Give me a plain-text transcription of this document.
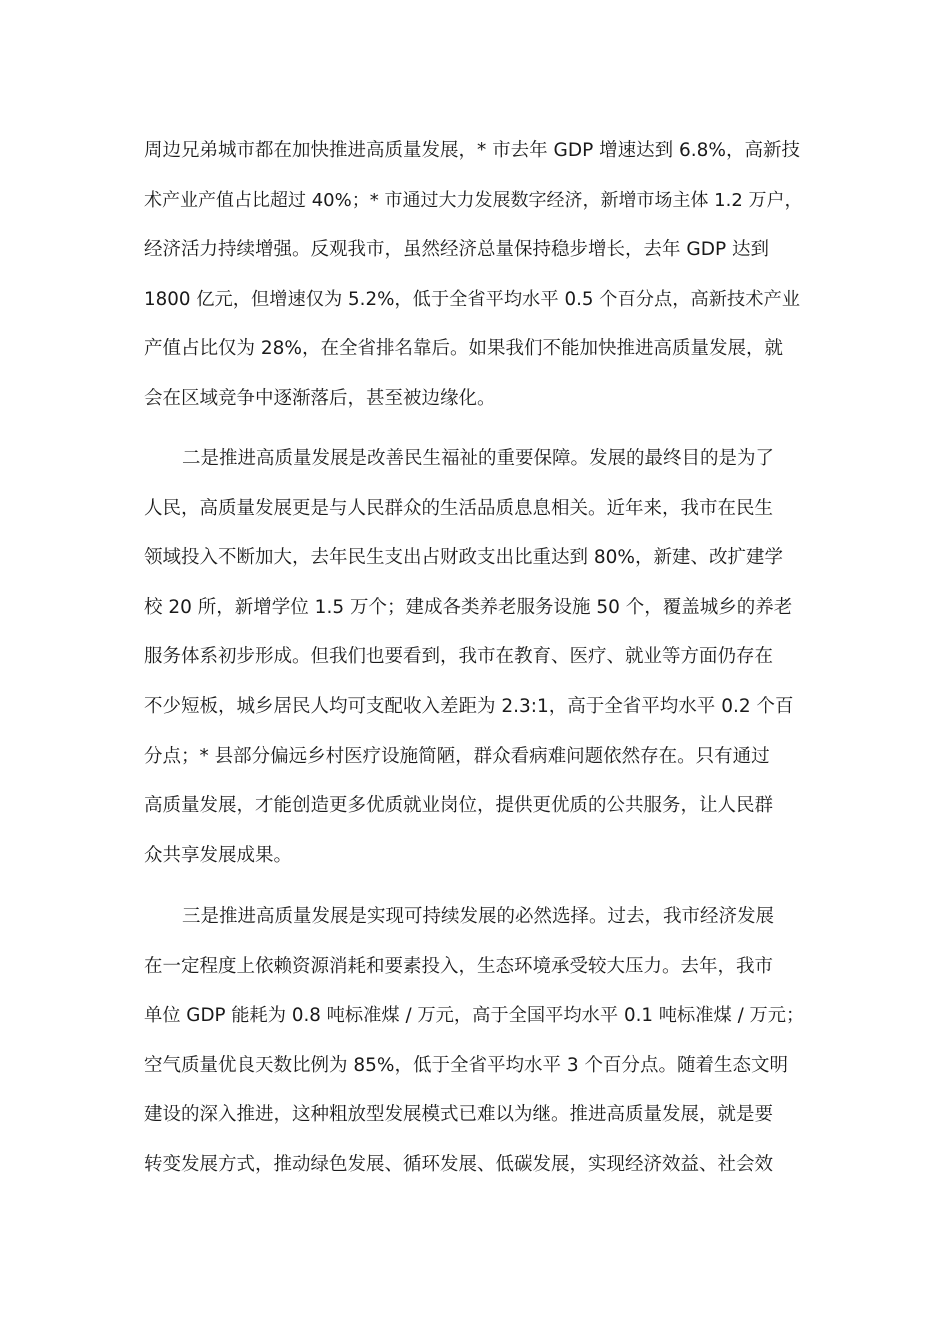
周边兄弟城市都在加快推进高质量发展，* 市去年 GDP 增速达到 6.8%，高新技
术产业产值占比超过 40%；* 市通过大力发展数字经济，新增市场主体 1.2 万户，
经济活力持续增强。反观我市，虽然经济总量保持稳步增长，去年 GDP 达到
1800 亿元，但增速仅为 5.2%，低于全省平均水平 0.5 个百分点，高新技术产业
产值占比仅为 28%，在全省排名靠后。如果我们不能加快推进高质量发展，就
会在区域竞争中逐渐落后，甚至被边缘化。
二是推进高质量发展是改善民生福祉的重要保障。发展的最终目的是为了
人民，高质量发展更是与人民群众的生活品质息息相关。近年来，我市在民生
领域投入不断加大，去年民生支出占财政支出比重达到 80%，新建、改扩建学
校 20 所，新增学位 1.5 万个；建成各类养老服务设施 50 个，覆盖城乡的养老
服务体系初步形成。但我们也要看到，我市在教育、医疗、就业等方面仍存在
不少短板，城乡居民人均可支配收入差距为 2.3:1，高于全省平均水平 0.2 个百
分点；* 县部分偏远乡村医疗设施简陋，群众看病难问题依然存在。只有通过
高质量发展，才能创造更多优质就业岗位，提供更优质的公共服务，让人民群
众共享发展成果。
三是推进高质量发展是实现可持续发展的必然选择。过去，我市经济发展
在一定程度上依赖资源消耗和要素投入，生态环境承受较大压力。去年，我市
单位 GDP 能耗为 0.8 吨标准煤 / 万元，高于全国平均水平 0.1 吨标准煤 / 万元；
空气质量优良天数比例为 85%，低于全省平均水平 3 个百分点。随着生态文明
建设的深入推进，这种粗放型发展模式已难以为继。推进高质量发展，就是要
转变发展方式，推动绿色发展、循环发展、低碳发展，实现经济效益、社会效
